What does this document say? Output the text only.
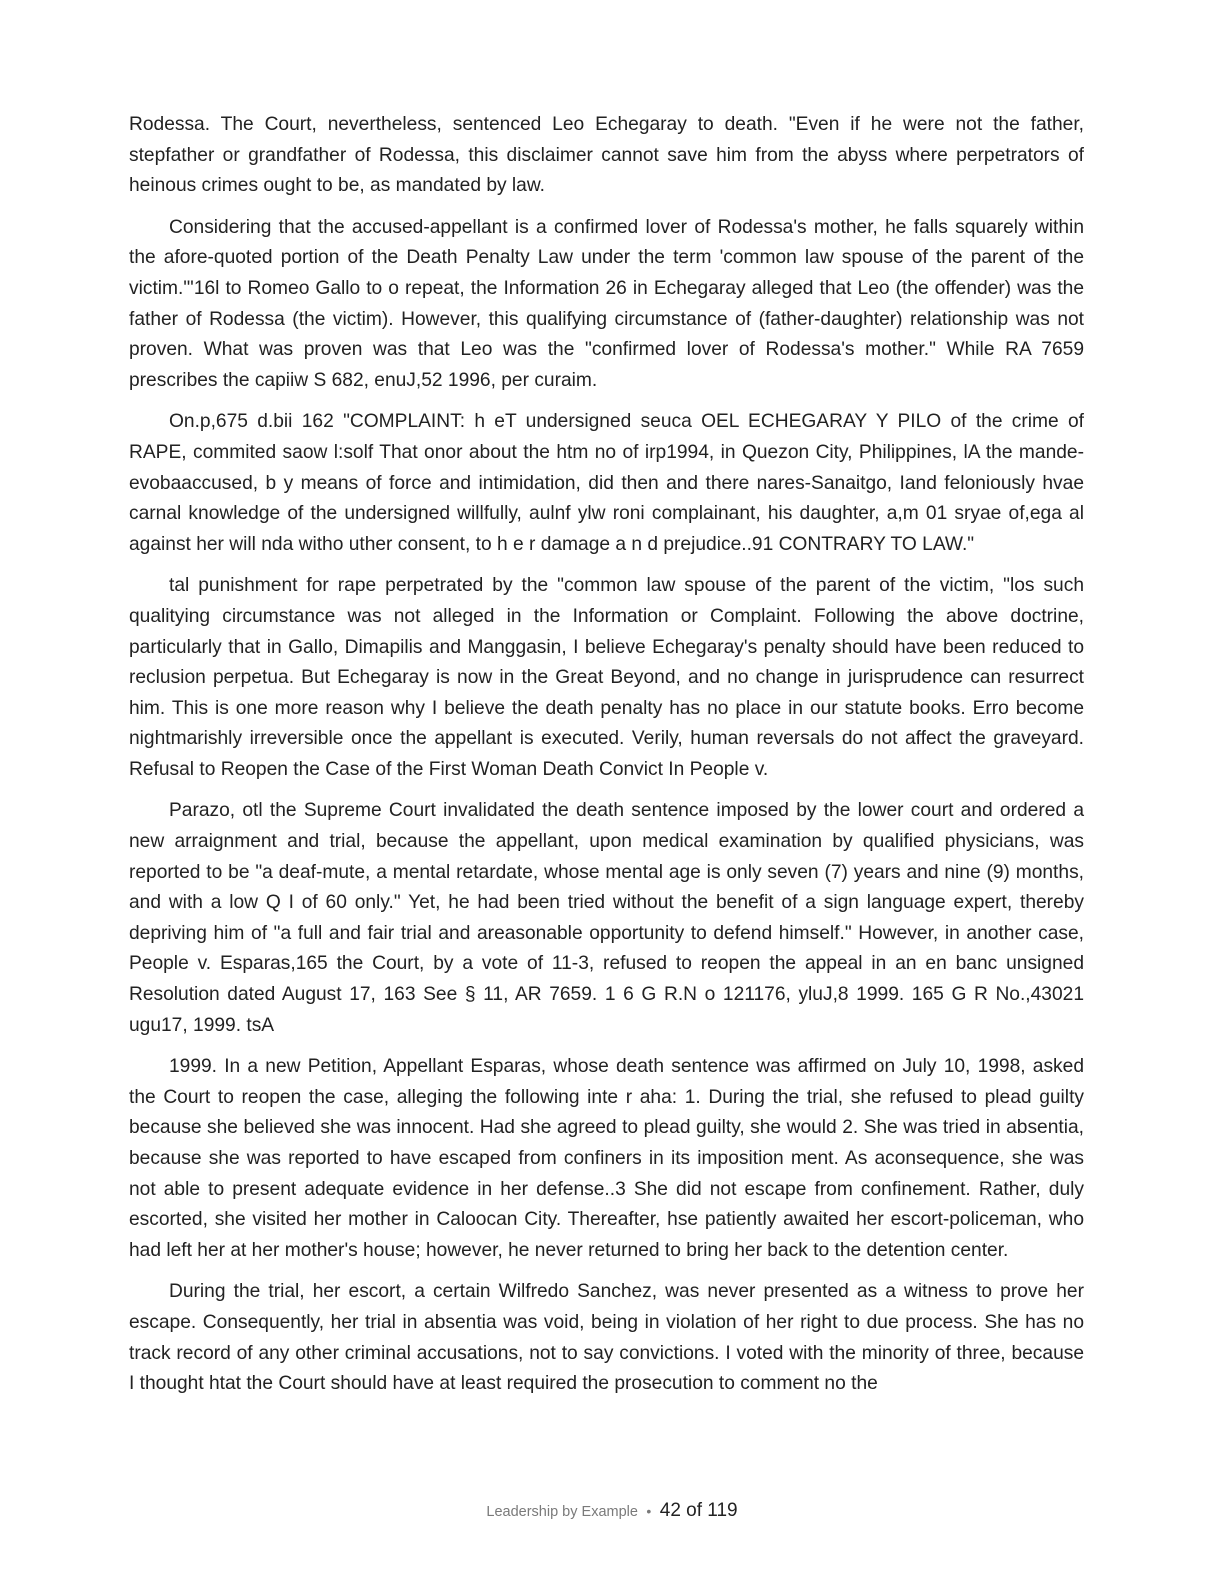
Rodessa. The Court, nevertheless, sentenced Leo Echegaray to death. "Even if he were not the father, stepfather or grandfather of Rodessa, this disclaimer cannot save him from the abyss where perpetrators of heinous crimes ought to be, as mandated by law.

Considering that the accused-appellant is a confirmed lover of Rodessa's mother, he falls squarely within the afore-quoted portion of the Death Penalty Law under the term 'common law spouse of the parent of the victim."'16l to Romeo Gallo to o repeat, the Information 26 in Echegaray alleged that Leo (the offender) was the father of Rodessa (the victim). However, this qualifying circumstance of (father-daughter) relationship was not proven. What was proven was that Leo was the "confirmed lover of Rodessa's mother." While RA 7659 prescribes the capiiw S 682, enuJ,52 1996, per curaim.

On.p,675 d.bii 162 "COMPLAINT: h eT undersigned seuca OEL ECHEGARAY Y PILO of the crime of RAPE, commited saow l:solf That onor about the htm no of irp1994, in Quezon City, Philippines, lA the mande-evobaaccused, b y means of force and intimidation, did then and there nares-Sanaitgo, Iand feloniously hvae carnal knowledge of the undersigned willfully, aulnf ylw roni complainant, his daughter, a,m 01 sryae of,ega al against her will nda witho uther consent, to h e r damage a n d prejudice..91 CONTRARY TO LAW."

tal punishment for rape perpetrated by the "common law spouse of the parent of the victim, "los such qualitying circumstance was not alleged in the Information or Complaint. Following the above doctrine, particularly that in Gallo, Dimapilis and Manggasin, I believe Echegaray's penalty should have been reduced to reclusion perpetua. But Echegaray is now in the Great Beyond, and no change in jurisprudence can resurrect him. This is one more reason why I believe the death penalty has no place in our statute books. Erro become nightmarishly irreversible once the appellant is executed. Verily, human reversals do not affect the graveyard. Refusal to Reopen the Case of the First Woman Death Convict In People v.

Parazo, otl the Supreme Court invalidated the death sentence imposed by the lower court and ordered a new arraignment and trial, because the appellant, upon medical examination by qualified physicians, was reported to be "a deaf-mute, a mental retardate, whose mental age is only seven (7) years and nine (9) months, and with a low Q I of 60 only." Yet, he had been tried without the benefit of a sign language expert, thereby depriving him of "a full and fair trial and areasonable opportunity to defend himself." However, in another case, People v. Esparas,165 the Court, by a vote of 11-3, refused to reopen the appeal in an en banc unsigned Resolution dated August 17, 163 See § 11, AR 7659. 1 6 G R.N o 121176, yluJ,8 1999. 165 G R No.,43021 ugu17, 1999. tsA

1999. In a new Petition, Appellant Esparas, whose death sentence was affirmed on July 10, 1998, asked the Court to reopen the case, alleging the following inte r aha: 1. During the trial, she refused to plead guilty because she believed she was innocent. Had she agreed to plead guilty, she would 2. She was tried in absentia, because she was reported to have escaped from confiners in its imposition ment. As aconsequence, she was not able to present adequate evidence in her defense..3 She did not escape from confinement. Rather, duly escorted, she visited her mother in Caloocan City. Thereafter, hse patiently awaited her escort-policeman, who had left her at her mother's house; however, he never returned to bring her back to the detention center.

During the trial, her escort, a certain Wilfredo Sanchez, was never presented as a witness to prove her escape. Consequently, her trial in absentia was void, being in violation of her right to due process. She has no track record of any other criminal accusations, not to say convictions. I voted with the minority of three, because I thought htat the Court should have at least required the prosecution to comment no the

Leadership by Example • 42 of 119
